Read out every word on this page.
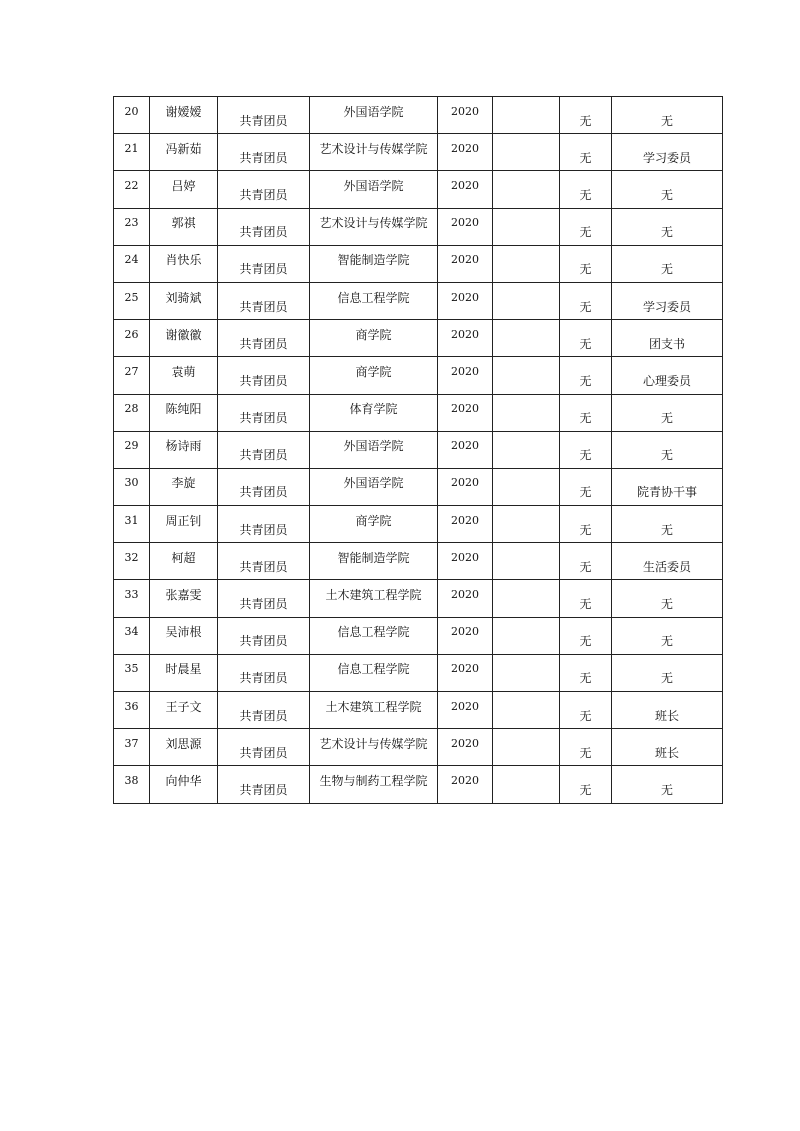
20	谢嫒嫒	共青团员	外国语学院	2020		无	无

21	冯新茹	共青团员	艺术设计与传媒学院	2020		无	学习委员

22	吕婷	共青团员	外国语学院	2020		无	无

23	郭祺	共青团员	艺术设计与传媒学院	2020		无	无

24	肖快乐	共青团员	智能制造学院	2020		无	无

25	刘骑斌	共青团员	信息工程学院	2020		无	学习委员

26	谢徽徽	共青团员	商学院	2020		无	团支书

27	袁萌	共青团员	商学院	2020		无	心理委员

28	陈纯阳	共青团员	体育学院	2020		无	无

29	杨诗雨	共青团员	外国语学院	2020		无	无

30	李旋	共青团员	外国语学院	2020		无	院青协干事

31	周正钊	共青团员	商学院	2020		无	无

32	柯超	共青团员	智能制造学院	2020		无	生活委员

33	张嘉雯	共青团员	土木建筑工程学院	2020		无	无

34	吴沛根	共青团员	信息工程学院	2020		无	无

35	时晨星	共青团员	信息工程学院	2020		无	无

36	王子文	共青团员	土木建筑工程学院	2020		无	班长

37	刘思源	共青团员	艺术设计与传媒学院	2020		无	班长

38	向仲华	共青团员	生物与制药工程学院	2020		无	无
